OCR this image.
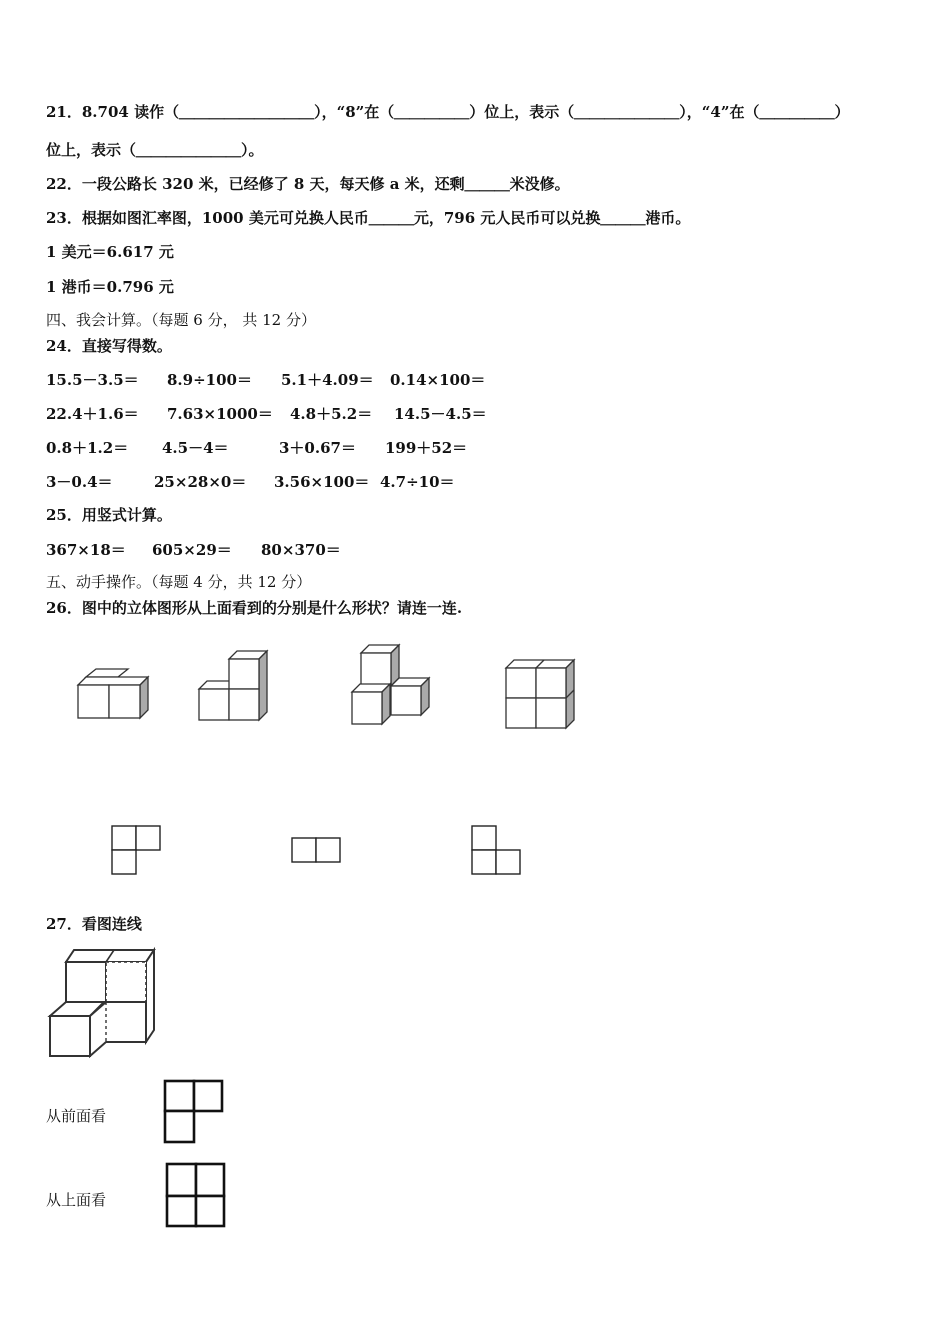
21．8.704 读作（＿＿＿＿＿＿＿＿＿），“8”在（＿＿＿＿＿）位上，表示（＿＿＿＿＿＿＿），“4”在（＿＿＿＿＿）
位上，表示（＿＿＿＿＿＿＿）。
22．一段公路长 320 米，已经修了 8 天，每天修 a 米，还剩＿＿＿米没修。
23．根据如图汇率图，1000 美元可兑换人民币＿＿＿元，796 元人民币可以兑换＿＿＿港币。
1 美元＝6.617 元
1 港币＝0.796 元
四、我会计算。（每题 6 分， 共 12 分）
24．直接写得数。
15.5－3.5＝ 8.9÷100＝ 5.1＋4.09＝ 0.14×100＝
22.4＋1.6＝ 7.63×1000＝ 4.8＋5.2＝ 14.5－4.5＝
0.8＋1.2＝ 4.5－4＝	3＋0.67＝ 199＋52＝
3－0.4＝	25×28×0＝ 3.56×100＝ 4.7÷10＝
25．用竖式计算。
367×18＝ 605×29＝ 80×370＝
五、动手操作。（每题 4 分，共 12 分）
26．图中的立体图形从上面看到的分别是什么形状？请连一连.
27．看图连线
从前面看
从上面看
